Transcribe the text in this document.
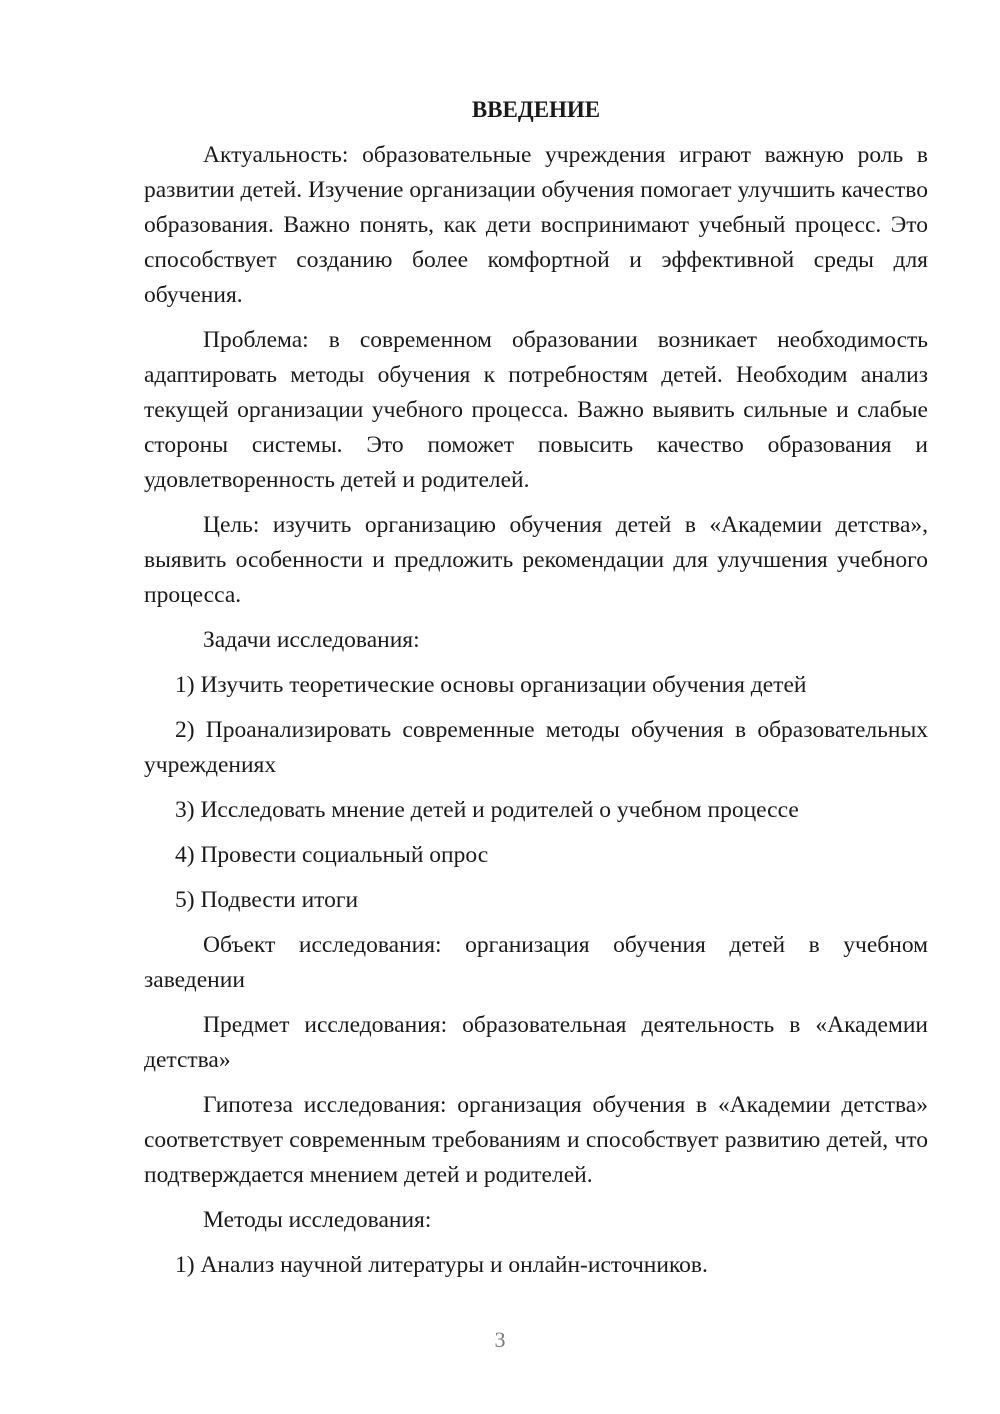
ВВЕДЕНИЕ

Актуальность: образовательные учреждения играют важную роль в развитии детей. Изучение организации обучения помогает улучшить качество образования. Важно понять, как дети воспринимают учебный процесс. Это способствует созданию более комфортной и эффективной среды для обучения.

Проблема: в современном образовании возникает необходимость адаптировать методы обучения к потребностям детей. Необходим анализ текущей организации учебного процесса. Важно выявить сильные и слабые стороны системы. Это поможет повысить качество образования и удовлетворенность детей и родителей.

Цель: изучить организацию обучения детей в «Академии детства», выявить особенности и предложить рекомендации для улучшения учебного процесса.

Задачи исследования:

1) Изучить теоретические основы организации обучения детей

2) Проанализировать современные методы обучения в образовательных учреждениях

3) Исследовать мнение детей и родителей о учебном процессе

4) Провести социальный опрос

5) Подвести итоги

Объект исследования: организация обучения детей в учебном заведении

Предмет исследования: образовательная деятельность в «Академии детства»

Гипотеза исследования: организация обучения в «Академии детства» соответствует современным требованиям и способствует развитию детей, что подтверждается мнением детей и родителей.

Методы исследования:

1) Анализ научной литературы и онлайн-источников.

3
